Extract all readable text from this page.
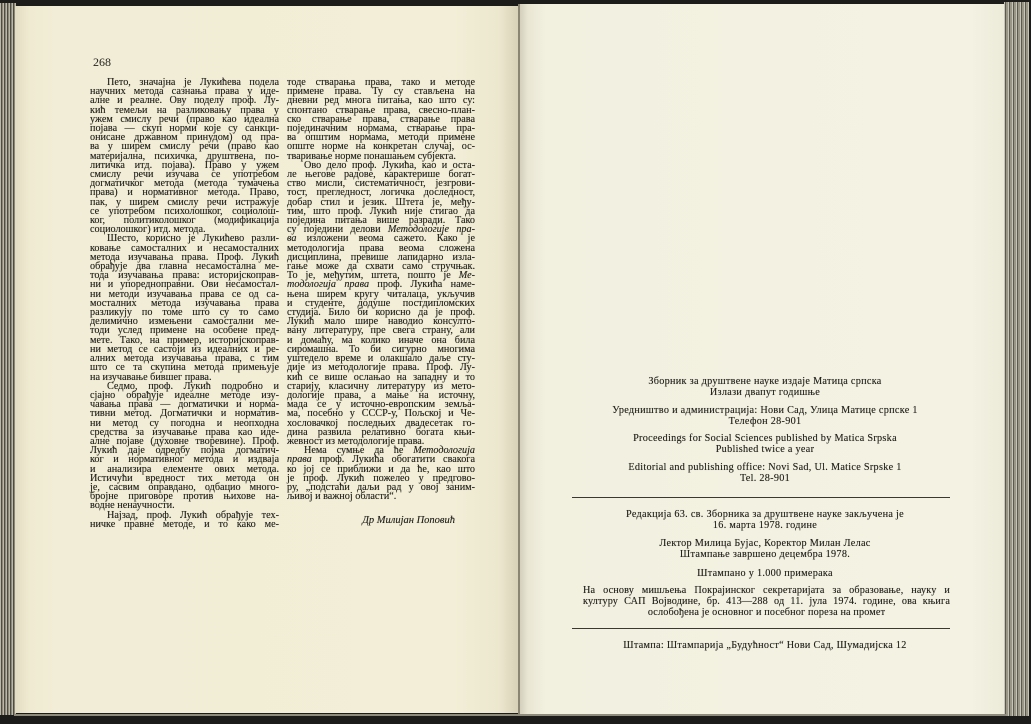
268
Пето, значајна је Лукићева подела
научних метода сазнања права у иде-
алне и реалне. Ову поделу проф. Лу-
кић темељи на разликовању права у
ужем смислу речи (право као идеална
појава — скуп норми које су санкци-
онисане државном принудом) од пра-
ва у ширем смислу речи (право као
материјална, психичка, друштвена, по-
литичка итд. појава). Право у ужем
смислу речи изучава се употребом
догматичког метода (метода тумачења
права) и нормативног метода. Право,
пак, у ширем смислу речи истражује
се употребом психолошког, социолош-
ког, политиколошког (модификација
социолошког) итд. метода.
Шесто, корисно је Лукићево разли-
ковање самосталних и несамосталних
метода изучавања права. Проф. Лукић
обрађује два главна несамостална ме-
тода изучавања права: историјскоправ-
ни и упоредноправни. Ови несамостал-
ни методи изучавања права се од са-
мосталних метода изучавања права
разликују по томе што су то само
делимично измењени самостални ме-
тоди услед примене на особене пред-
мете. Тако, на пример, историјскоправ-
ни метод се састоји из идеалних и ре-
алних метода изучавања права, с тим
што се та скупина метода примењује
на изучавање бившег права.
Седмо, проф. Лукић подробно и
сјајно обрађује идеалне методе изу-
чавања права — догматички и норма-
тивни метод. Догматички и норматив-
ни метод су погодна и неопходна
средства за изучавање права као иде-
алне појаве (духовне творевине). Проф.
Лукић даје одредбу појма догматич-
ког и нормативног метода и издваја
и анализира елементе ових метода.
Истичући вредност тих метода он
је, сасвим оправдано, одбацио много-
бројне приговоре против њихове на-
водне ненаучности.
Најзад, проф. Лукић обрађује тех-
ничке правне методе, и то како ме-
тоде стварања права, тако и методе
примене права. Ту су стављена на
дневни ред многа питања, као што су:
спонтано стварање права, свесно-план-
ско стварање права, стварање права
појединачним нормама, стварање пра-
ва општим нормама, методи примене
опште норме на конкретан случај, ос-
тваривање норме понашањем субјекта.
Ово дело проф. Лукића, као и оста-
ле његове радове, карактерише богат-
ство мисли, систематичност, језгрови-
тост, прегледност, логичка доследност,
добар стил и језик. Штета је, међу-
тим, што проф. Лукић није стигао да
поједина питања више разради. Тако
су поједини делови Методологије пра-
ва изложени веома сажето. Како је
методологија права веома сложена
дисциплина, превише лапидарно изла-
гање може да схвати само стручњак.
То је, међутим, штета, пошто је Ме-
тодологија права проф. Лукића наме-
њена ширем кругу читалаца, укључив
и студенте, додуше постдипломских
студија. Било би корисно да је проф.
Лукић мало шире наводио консулто-
вану литературу, пре свега страну, али
и домаћу, ма колико иначе она била
сиромашна. То би сигурно многима
уштедело време и олакшало даље сту-
дије из методологије права. Проф. Лу-
кић се више ослањао на западну и то
старију, класичну литературу из мето-
дологије права, а мање на источну,
мада се у источно-европским земља-
ма, посебно у СССР-у, Пољској и Че-
хословачкој последњих двадесетак го-
дина развила релативно богата књи-
жевност из методологије права.
Нема сумње да ће Методологија
права проф. Лукића обогатити свакога
ко јој се приближи и да ће, као што
је проф. Лукић пожелео у предгово-
ру, „подстаћи даљи рад у овој заним-
љивој и важној области“.
Др Милијан Поповић
Зборник за друштвене науке издаје Матица српска
Излази двапут годишње
Уредништво и администрација: Нови Сад, Улица Матице српске 1
Телефон 28-901
Proceedings for Social Sciences published by Matica Srpska
Published twice a year
Editorial and publishing office: Novi Sad, Ul. Matice Srpske 1
Tel. 28-901
Редакција 63. св. Зборника за друштвене науке закључена је
16. марта 1978. године
Лектор Милица Бујас, Коректор Милан Лелас
Штампање завршено децембра 1978.
Штампано у 1.000 примерака
На основу мишљења Покрајинског секретаријата за образовање, науку и
културу САП Војводине, бр. 413—288 од 11. јула 1974. године, ова књига
ослобођена је основног и посебног пореза на промет
Штампа: Штампарија „Будућност“ Нови Сад, Шумадијска 12
